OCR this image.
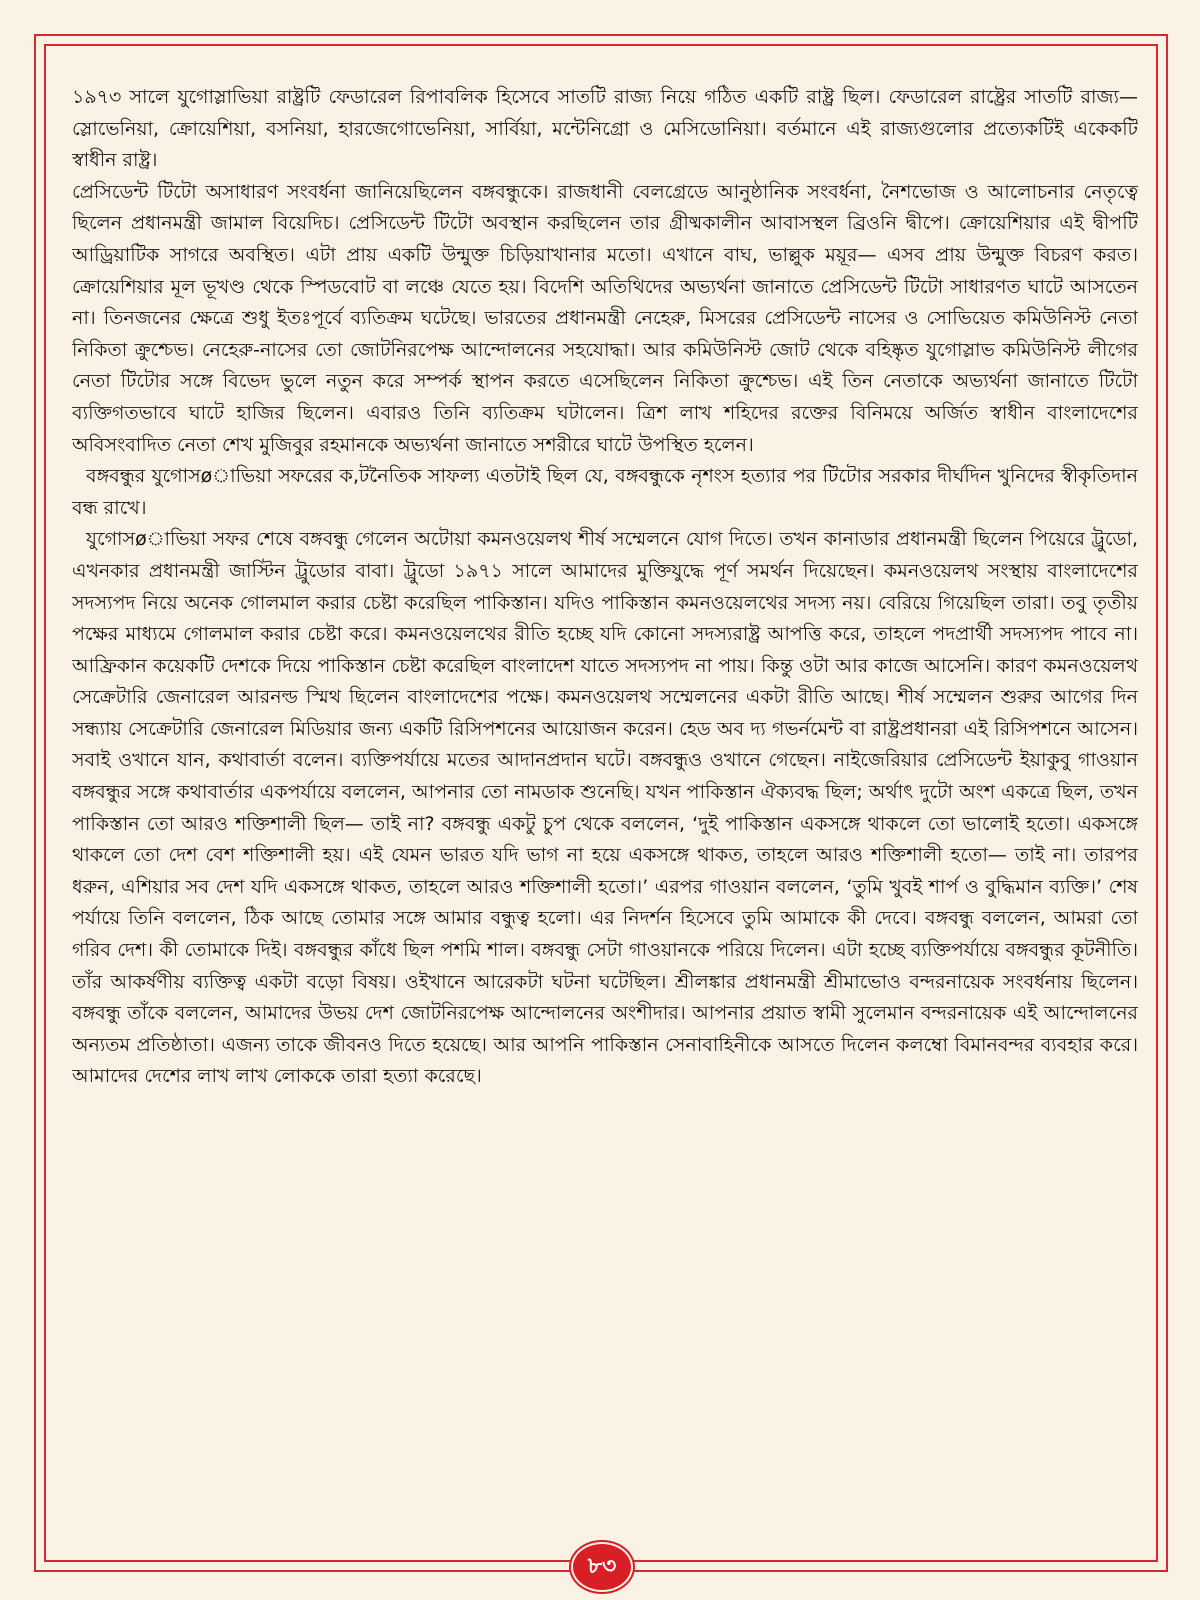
১৯৭৩ সালে যুগোস্লাভিয়া রাষ্ট্রটি ফেডারেল রিপাবলিক হিসেবে সাতটি রাজ্য নিয়ে গঠিত একটি রাষ্ট্র ছিল। ফেডারেল রাষ্ট্রের সাতটি রাজ্য— স্লোভেনিয়া, ক্রোয়েশিয়া, বসনিয়া, হারজেগোভেনিয়া, সার্বিয়া, মন্টেনিগ্রো ও মেসিডোনিয়া। বর্তমানে এই রাজ্যগুলোর প্রত্যেকটিই একেকটি স্বাধীন রাষ্ট্র।

প্রেসিডেন্ট টিটো অসাধারণ সংবর্ধনা জানিয়েছিলেন বঙ্গবন্ধুকে। রাজধানী বেলগ্রেডে আনুষ্ঠানিক সংবর্ধনা, নৈশভোজ ও আলোচনার নেতৃত্বে ছিলেন প্রধানমন্ত্রী জামাল বিয়েদিচ। প্রেসিডেন্ট টিটো অবস্থান করছিলেন তার গ্রীষ্মকালীন আবাসস্থল ব্রিওনি দ্বীপে। ক্রোয়েশিয়ার এই দ্বীপটি আড্রিয়াটিক সাগরে অবস্থিত। এটা প্রায় একটি উন্মুক্ত চিড়িয়াখানার মতো। এখানে বাঘ, ভাল্লুক ময়ূর— এসব প্রায় উন্মুক্ত বিচরণ করত। ক্রোয়েশিয়ার মূল ভূখণ্ড থেকে স্পিডবোট বা লঞ্চে যেতে হয়। বিদেশি অতিথিদের অভ্যর্থনা জানাতে প্রেসিডেন্ট টিটো সাধারণত ঘাটে আসতেন না। তিনজনের ক্ষেত্রে শুধু ইতঃপূর্বে ব্যতিক্রম ঘটেছে। ভারতের প্রধানমন্ত্রী নেহেরু, মিসরের প্রেসিডেন্ট নাসের ও সোভিয়েত কমিউনিস্ট নেতা নিকিতা ক্রুশ্চেভ। নেহেরু-নাসের তো জোটনিরপেক্ষ আন্দোলনের সহযোদ্ধা। আর কমিউনিস্ট জোট থেকে বহিষ্কৃত যুগোস্লাভ কমিউনিস্ট লীগের নেতা টিটোর সঙ্গে বিভেদ ভুলে নতুন করে সম্পর্ক স্থাপন করতে এসেছিলেন নিকিতা ক্রুশ্চেভ। এই তিন নেতাকে অভ্যর্থনা জানাতে টিটো ব্যক্তিগতভাবে ঘাটে হাজির ছিলেন। এবারও তিনি ব্যতিক্রম ঘটালেন। ত্রিশ লাখ শহিদের রক্তের বিনিময়ে অর্জিত স্বাধীন বাংলাদেশের অবিসংবাদিত নেতা শেখ মুজিবুর রহমানকে অভ্যর্থনা জানাতে সশরীরে ঘাটে উপস্থিত হলেন।

বঙ্গবন্ধুর যুগোসøাভিয়া সফরের ক‚টনৈতিক সাফল্য এতটাই ছিল যে, বঙ্গবন্ধুকে নৃশংস হত্যার পর টিটোর সরকার দীর্ঘদিন খুনিদের স্বীকৃতিদান বন্ধ রাখে।

যুগোসøাভিয়া সফর শেষে বঙ্গবন্ধু গেলেন অটোয়া কমনওয়েলথ শীর্ষ সম্মেলনে যোগ দিতে। তখন কানাডার প্রধানমন্ত্রী ছিলেন পিয়েরে ট্রুডো, এখনকার প্রধানমন্ত্রী জাস্টিন ট্রুডোর বাবা। ট্রুডো ১৯৭১ সালে আমাদের মুক্তিযুদ্ধে পূর্ণ সমর্থন দিয়েছেন। কমনওয়েলথ সংস্থায় বাংলাদেশের সদস্যপদ নিয়ে অনেক গোলমাল করার চেষ্টা করেছিল পাকিস্তান। যদিও পাকিস্তান কমনওয়েলথের সদস্য নয়। বেরিয়ে গিয়েছিল তারা। তবু তৃতীয় পক্ষের মাধ্যমে গোলমাল করার চেষ্টা করে। কমনওয়েলথের রীতি হচ্ছে যদি কোনো সদস্যরাষ্ট্র আপত্তি করে, তাহলে পদপ্রার্থী সদস্যপদ পাবে না। আফ্রিকান কয়েকটি দেশকে দিয়ে পাকিস্তান চেষ্টা করেছিল বাংলাদেশ যাতে সদস্যপদ না পায়। কিন্তু ওটা আর কাজে আসেনি। কারণ কমনওয়েলথ সেক্রেটারি জেনারেল আরনল্ড স্মিথ ছিলেন বাংলাদেশের পক্ষে। কমনওয়েলথ সম্মেলনের একটা রীতি আছে। শীর্ষ সম্মেলন শুরুর আগের দিন সন্ধ্যায় সেক্রেটারি জেনারেল মিডিয়ার জন্য একটি রিসিপশনের আয়োজন করেন। হেড অব দ্য গভর্নমেন্ট বা রাষ্ট্রপ্রধানরা এই রিসিপশনে আসেন। সবাই ওখানে যান, কথাবার্তা বলেন। ব্যক্তিপর্যায়ে মতের আদানপ্রদান ঘটে। বঙ্গবন্ধুও ওখানে গেছেন। নাইজেরিয়ার প্রেসিডেন্ট ইয়াকুবু গাওয়ান বঙ্গবন্ধুর সঙ্গে কথাবার্তার একপর্যায়ে বললেন, আপনার তো নামডাক শুনেছি। যখন পাকিস্তান ঐক্যবদ্ধ ছিল; অর্থাৎ দুটো অংশ একত্রে ছিল, তখন পাকিস্তান তো আরও শক্তিশালী ছিল— তাই না? বঙ্গবন্ধু একটু চুপ থেকে বললেন, ‘দুই পাকিস্তান একসঙ্গে থাকলে তো ভালোই হতো। একসঙ্গে থাকলে তো দেশ বেশ শক্তিশালী হয়। এই যেমন ভারত যদি ভাগ না হয়ে একসঙ্গে থাকত, তাহলে আরও শক্তিশালী হতো— তাই না। তারপর ধরুন, এশিয়ার সব দেশ যদি একসঙ্গে থাকত, তাহলে আরও শক্তিশালী হতো।’ এরপর গাওয়ান বললেন, ‘তুমি খুবই শার্প ও বুদ্ধিমান ব্যক্তি।’ শেষ পর্যায়ে তিনি বললেন, ঠিক আছে তোমার সঙ্গে আমার বন্ধুত্ব হলো। এর নিদর্শন হিসেবে তুমি আমাকে কী দেবে। বঙ্গবন্ধু বললেন, আমরা তো গরিব দেশ। কী তোমাকে দিই। বঙ্গবন্ধুর কাঁধে ছিল পশমি শাল। বঙ্গবন্ধু সেটা গাওয়ানকে পরিয়ে দিলেন। এটা হচ্ছে ব্যক্তিপর্যায়ে বঙ্গবন্ধুর কূটনীতি। তাঁর আকর্ষণীয় ব্যক্তিত্ব একটা বড়ো বিষয়। ওইখানে আরেকটা ঘটনা ঘটেছিল। শ্রীলঙ্কার প্রধানমন্ত্রী শ্রীমাভোও বন্দরনায়েক সংবর্ধনায় ছিলেন। বঙ্গবন্ধু তাঁকে বললেন, আমাদের উভয় দেশ জোটনিরপেক্ষ আন্দোলনের অংশীদার। আপনার প্রয়াত স্বামী সুলেমান বন্দরনায়েক এই আন্দোলনের অন্যতম প্রতিষ্ঠাতা। এজন্য তাকে জীবনও দিতে হয়েছে। আর আপনি পাকিস্তান সেনাবাহিনীকে আসতে দিলেন কলম্বো বিমানবন্দর ব্যবহার করে। আমাদের দেশের লাখ লাখ লোককে তারা হত্যা করেছে।

৮৩
